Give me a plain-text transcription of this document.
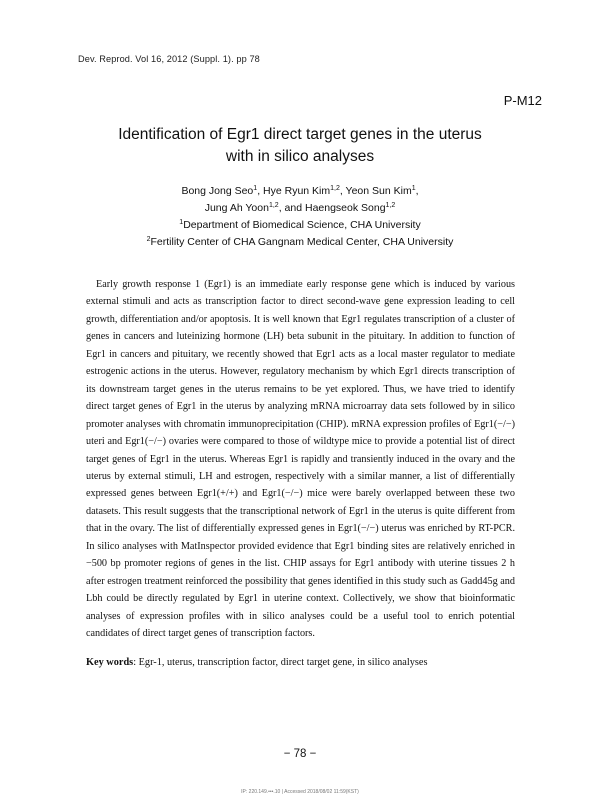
Dev. Reprod. Vol 16, 2012 (Suppl. 1). pp 78
P-M12
Identification of Egr1 direct target genes in the uterus
with in silico analyses
Bong Jong Seo$^1$, Hye Ryun Kim$^{1,2}$, Yeon Sun Kim$^1$,
Jung Ah Yoon$^{1,2}$, and Haengseok Song$^{1,2}$
$^1$Department of Biomedical Science, CHA University
$^2$Fertility Center of CHA Gangnam Medical Center, CHA University

Early growth response 1 (Egr1) is an immediate early response gene which is induced by various external stimuli and acts as transcription factor to direct second-wave gene expression leading to cell growth, differentiation and/or apoptosis. It is well known that Egr1 regulates transcription of a cluster of genes in cancers and luteinizing hormone (LH) beta subunit in the pituitary. In addition to function of Egr1 in cancers and pituitary, we recently showed that Egr1 acts as a local master regulator to mediate estrogenic actions in the uterus. However, regulatory mechanism by which Egr1 directs transcription of its downstream target genes in the uterus remains to be yet explored. Thus, we have tried to identify direct target genes of Egr1 in the uterus by analyzing mRNA microarray data sets followed by in silico promoter analyses with chromatin immunoprecipitation (CHIP). mRNA expression profiles of Egr1(−/−) uteri and Egr1(−/−) ovaries were compared to those of wildtype mice to provide a potential list of direct target genes of Egr1 in the uterus. Whereas Egr1 is rapidly and transiently induced in the ovary and the uterus by external stimuli, LH and estrogen, respectively with a similar manner, a list of differentially expressed genes between Egr1(+/+) and Egr1(−/−) mice were barely overlapped between these two datasets. This result suggests that the transcriptional network of Egr1 in the uterus is quite different from that in the ovary. The list of differentially expressed genes in Egr1(−/−) uterus was enriched by RT-PCR. In silico analyses with MatInspector provided evidence that Egr1 binding sites are relatively enriched in −500 bp promoter regions of genes in the list. CHIP assays for Egr1 antibody with uterine tissues 2 h after estrogen treatment reinforced the possibility that genes identified in this study such as Gadd45g and Lbh could be directly regulated by Egr1 in uterine context. Collectively, we show that bioinformatic analyses of expression profiles with in silico analyses could be a useful tool to enrich potential candidates of direct target genes of transcription factors.

Key words: Egr-1, uterus, transcription factor, direct target gene, in silico analyses
− 78 −
IP: 220.149.•••.10 | Accessed 2018/08/02 11:59(KST)
